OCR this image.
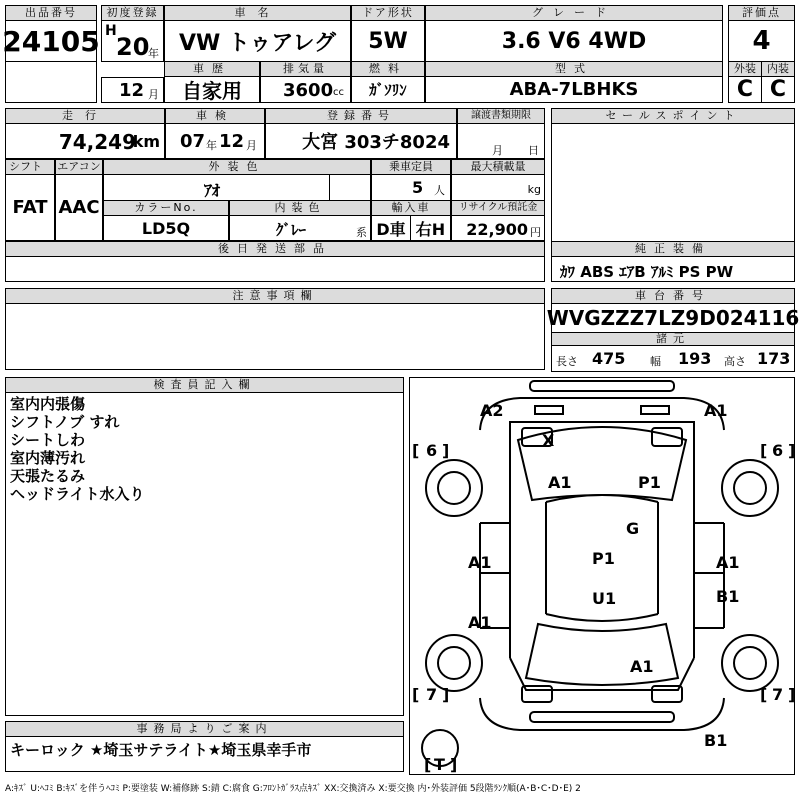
出品番号
24105
初度登録
H
20
年
12 月
車名
VW トゥアレグ
ドア形状
5W
グレード
3.6 V6 4WD
評価点
4
車歴
自家用
排気量
3600 cc
燃料
ｶﾞｿﾘﾝ
型式
ABA-7LBHKS
外装	内装
C C
走行
74,249
km
車検
07 年 12 月
登録番号
大宮 303チ8024
譲渡書類期限
月 日
シフト
FAT
エアコン
AAC
外装色
ｱｵ
乗車定員
5 人
最大積載量
kg
カラーNo.
LD5Q
内装色
ｸﾞﾚｰ	系
輸入車
D車 右H
リサイクル預託金
22,900 円
後日発送部品
セールスポイント
純正装備
ｶﾜ ABS ｴｱB ｱﾙﾐ PS PW
注意事項欄	車台番号
WVGZZZ7LZ9D024116
諸元
長さ 475 幅 193 高さ 173
検査員記入欄
室内内張傷
シフトノブ すれ
シートしわ
室内薄汚れ
天張たるみ
ヘッドライト水入り
事務局よりご案内
キーロック ★埼玉サテライト★埼玉県幸手市
A2	A1
X
A1	P1
G
A1	P1	A1
U1	B1
A1
A1
B1
[ 6 ]	[ 6 ]
[ 7 ]	[ 7 ]
[ T ]
A:ｷｽﾞ U:ﾍｺﾐ B:ｷｽﾞを伴うﾍｺﾐ P:要塗装 W:補修跡 S:錆 C:腐食 G:ﾌﾛﾝﾄｶﾞﾗｽ点ｷｽﾞ XX:交換済み X:要交換 内･外装評価 5段階ﾗﾝｸ順(A･B･C･D･E) 2
